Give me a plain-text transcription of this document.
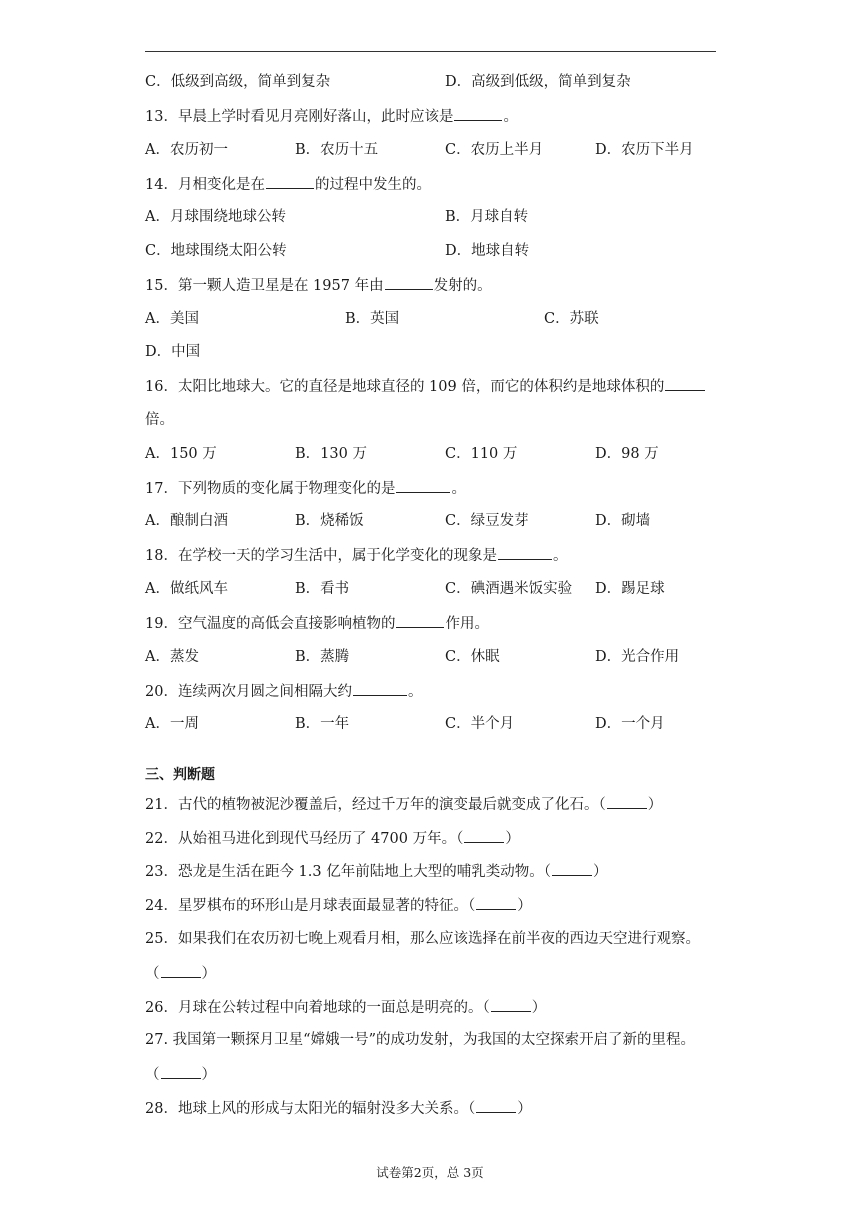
C．低级到高级，简单到复杂	D．高级到低级，简单到复杂
13．早晨上学时看见月亮刚好落山，此时应该是	。
A．农历初一	B．农历十五	C．农历上半月	D．农历下半月
14．月相变化是在	的过程中发生的。
A．月球围绕地球公转	B．月球自转
C．地球围绕太阳公转	D．地球自转
15．第一颗人造卫星是在 1957 年由	发射的。
A．美国	B．英国	C．苏联
D．中国
16．太阳比地球大。它的直径是地球直径的 109 倍，而它的体积约是地球体积的
倍。
A．150 万	B．130 万	C．110 万	D．98 万
17．下列物质的变化属于物理变化的是	。
A．酿制白酒	B．烧稀饭	C．绿豆发芽	D．砌墙
18．在学校一天的学习生活中，属于化学变化的现象是	。
A．做纸风车	B．看书	C．碘酒遇米饭实验 D．踢足球
19．空气温度的高低会直接影响植物的	作用。
A．蒸发	B．蒸腾	C．休眠	D．光合作用
20．连续两次月圆之间相隔大约	。
A．一周	B．一年	C．半个月	D．一个月
三、判断题
21．古代的植物被泥沙覆盖后，经过千万年的演变最后就变成了化石。（	）
22．从始祖马进化到现代马经历了 4700 万年。（	）
23．恐龙是生活在距今 1.3 亿年前陆地上大型的哺乳类动物。（	）
24．星罗棋布的环形山是月球表面最显著的特征。（	）
25．如果我们在农历初七晚上观看月相，那么应该选择在前半夜的西边天空进行观察。
（	）
26．月球在公转过程中向着地球的一面总是明亮的。（	）
27. 我国第一颗探月卫星“嫦娥一号”的成功发射，为我国的太空探索开启了新的里程。
（	）
28．地球上风的形成与太阳光的辐射没多大关系。（	）
试卷第2页，总 3页
